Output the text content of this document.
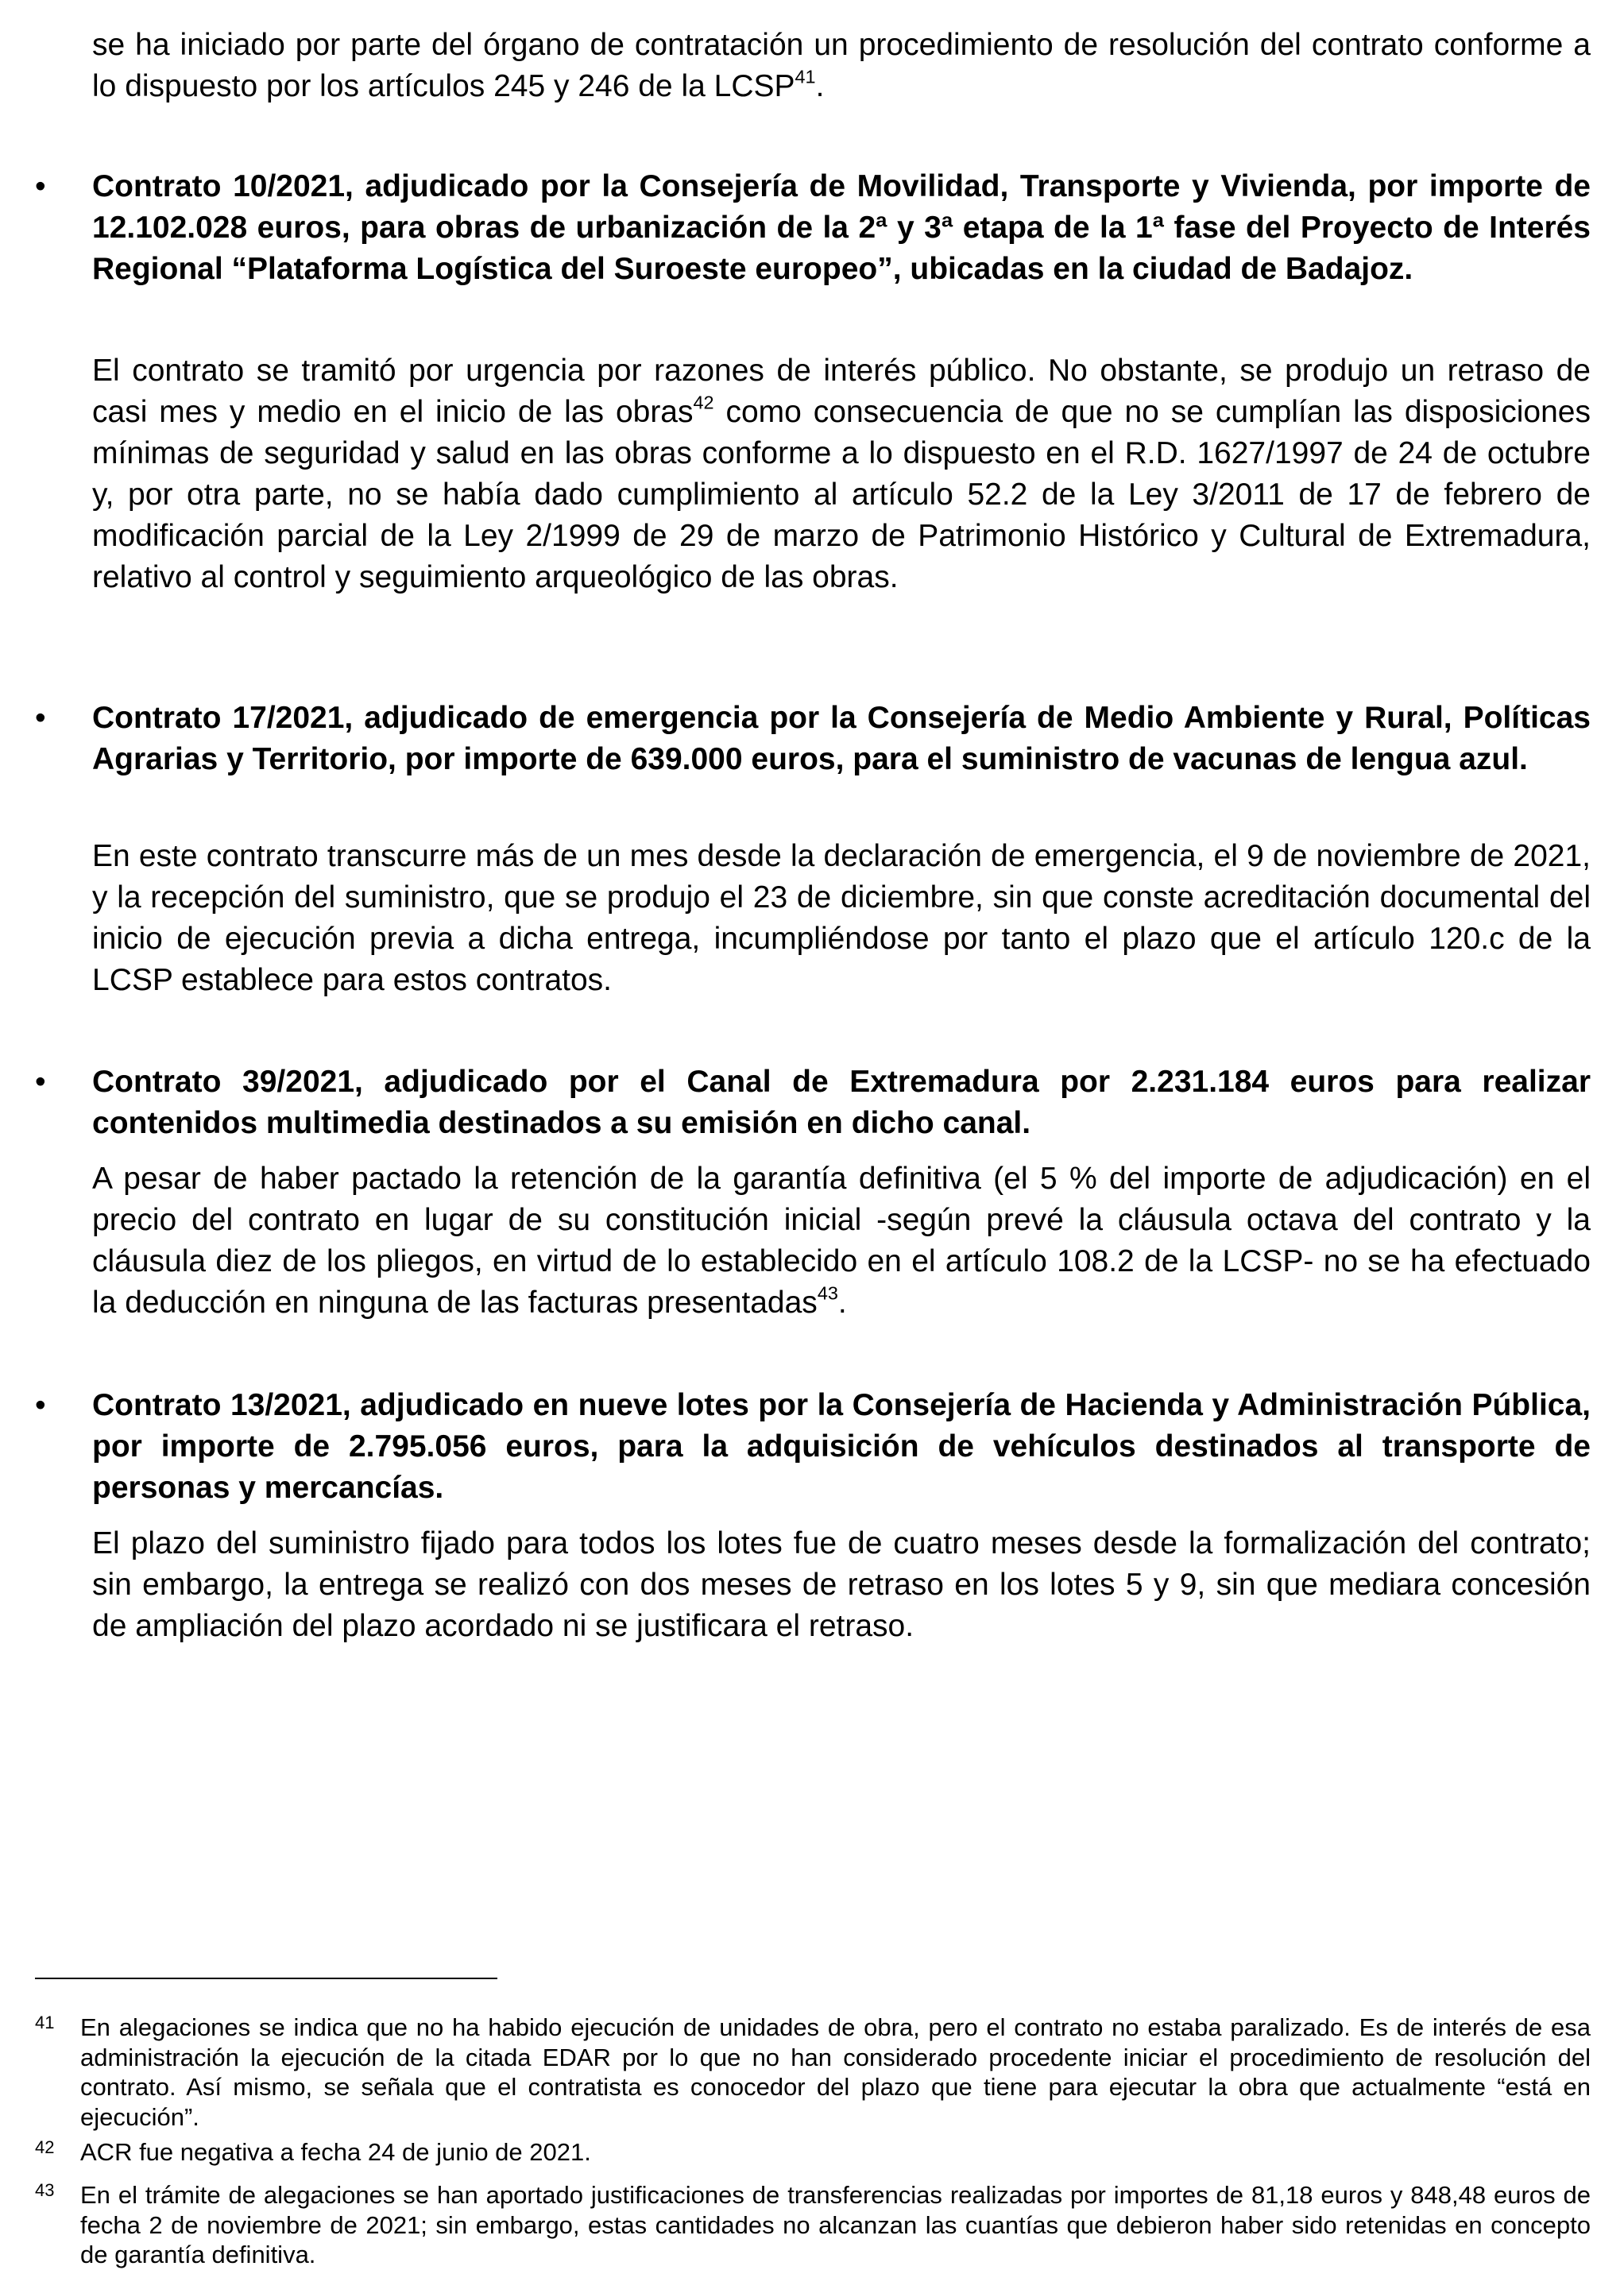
se ha iniciado por parte del órgano de contratación un procedimiento de resolución del contrato conforme a lo dispuesto por los artículos 245 y 246 de la LCSP$^{41}$.

• Contrato 10/2021, adjudicado por la Consejería de Movilidad, Transporte y Vivienda, por importe de 12.102.028 euros, para obras de urbanización de la 2ª y 3ª etapa de la 1ª fase del Proyecto de Interés Regional “Plataforma Logística del Suroeste europeo”, ubicadas en la ciudad de Badajoz.

El contrato se tramitó por urgencia por razones de interés público. No obstante, se produjo un retraso de casi mes y medio en el inicio de las obras$^{42}$ como consecuencia de que no se cumplían las disposiciones mínimas de seguridad y salud en las obras conforme a lo dispuesto en el R.D. 1627/1997 de 24 de octubre y, por otra parte, no se había dado cumplimiento al artículo 52.2 de la Ley 3/2011 de 17 de febrero de modificación parcial de la Ley 2/1999 de 29 de marzo de Patrimonio Histórico y Cultural de Extremadura, relativo al control y seguimiento arqueológico de las obras.

• Contrato 17/2021, adjudicado de emergencia por la Consejería de Medio Ambiente y Rural, Políticas Agrarias y Territorio, por importe de 639.000 euros, para el suministro de vacunas de lengua azul.

En este contrato transcurre más de un mes desde la declaración de emergencia, el 9 de noviembre de 2021, y la recepción del suministro, que se produjo el 23 de diciembre, sin que conste acreditación documental del inicio de ejecución previa a dicha entrega, incumpliéndose por tanto el plazo que el artículo 120.c de la LCSP establece para estos contratos.

• Contrato 39/2021, adjudicado por el Canal de Extremadura por 2.231.184 euros para realizar contenidos multimedia destinados a su emisión en dicho canal.

A pesar de haber pactado la retención de la garantía definitiva (el 5 % del importe de adjudicación) en el precio del contrato en lugar de su constitución inicial -según prevé la cláusula octava del contrato y la cláusula diez de los pliegos, en virtud de lo establecido en el artículo 108.2 de la LCSP- no se ha efectuado la deducción en ninguna de las facturas presentadas$^{43}$.

• Contrato 13/2021, adjudicado en nueve lotes por la Consejería de Hacienda y Administración Pública, por importe de 2.795.056 euros, para la adquisición de vehículos destinados al transporte de personas y mercancías.

El plazo del suministro fijado para todos los lotes fue de cuatro meses desde la formalización del contrato; sin embargo, la entrega se realizó con dos meses de retraso en los lotes 5 y 9, sin que mediara concesión de ampliación del plazo acordado ni se justificara el retraso.

41 En alegaciones se indica que no ha habido ejecución de unidades de obra, pero el contrato no estaba paralizado. Es de interés de esa administración la ejecución de la citada EDAR por lo que no han considerado procedente iniciar el procedimiento de resolución del contrato. Así mismo, se señala que el contratista es conocedor del plazo que tiene para ejecutar la obra que actualmente “está en ejecución”.

42 ACR fue negativa a fecha 24 de junio de 2021.

43 En el trámite de alegaciones se han aportado justificaciones de transferencias realizadas por importes de 81,18 euros y 848,48 euros de fecha 2 de noviembre de 2021; sin embargo, estas cantidades no alcanzan las cuantías que debieron haber sido retenidas en concepto de garantía definitiva.
